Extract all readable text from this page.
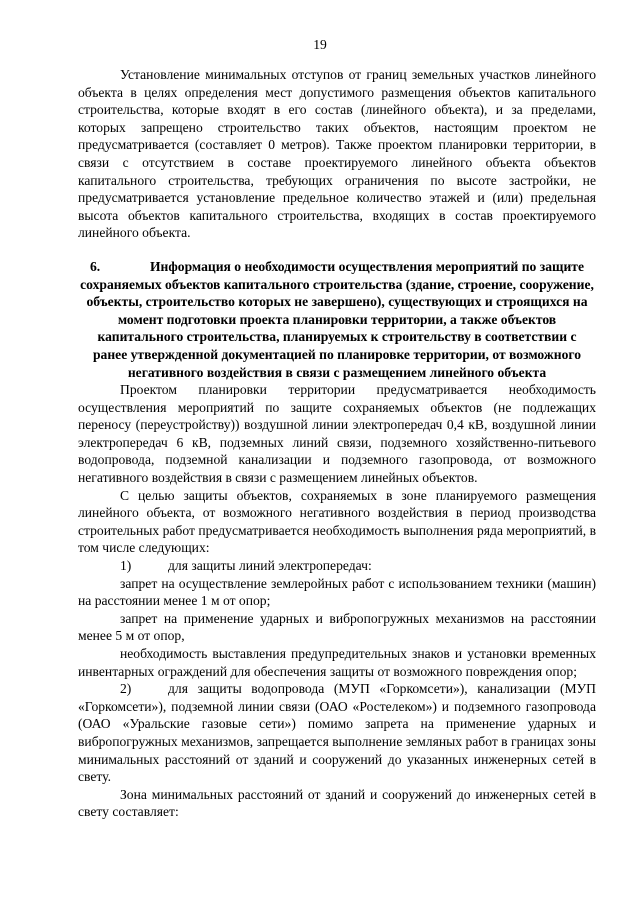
19

Установление минимальных отступов от границ земельных участков линейного объекта в целях определения мест допустимого размещения объектов капитального строительства, которые входят в его состав (линейного объекта), и за пределами, которых запрещено строительство таких объектов, настоящим проектом не предусматривается (составляет 0 метров). Также проектом планировки территории, в связи с отсутствием в составе проектируемого линейного объекта объектов капитального строительства, требующих ограничения по высоте застройки, не предусматривается установление предельное количество этажей и (или) предельная высота объектов капитального строительства, входящих в состав проектируемого линейного объекта.

6.	Информация о необходимости осуществления мероприятий по защите
сохраняемых объектов капитального строительства (здание, строение, сооружение, объекты, строительство которых не завершено), существующих и строящихся на момент подготовки проекта планировки территории, а также объектов капитального строительства, планируемых к строительству в соответствии с ранее утвержденной документацией по планировке территории, от возможного негативного воздействия в связи с размещением линейного объекта

Проектом планировки территории предусматривается необходимость осуществления мероприятий по защите сохраняемых объектов (не подлежащих переносу (переустройству)) воздушной линии электропередач 0,4 кВ, воздушной линии электропередач 6 кВ, подземных линий связи, подземного хозяйственно-питьевого водопровода, подземной канализации и подземного газопровода, от возможного негативного воздействия в связи с размещением линейных объектов.

С целью защиты объектов, сохраняемых в зоне планируемого размещения линейного объекта, от возможного негативного воздействия в период производства строительных работ предусматривается необходимость выполнения ряда мероприятий, в том числе следующих:

1)	для защиты линий электропередач:

запрет на осуществление землеройных работ с использованием техники (машин) на расстоянии менее 1 м от опор;

запрет на применение ударных и вибропогружных механизмов на расстоянии менее 5 м от опор,

необходимость выставления предупредительных знаков и установки временных инвентарных ограждений для обеспечения защиты от возможного повреждения опор;

2)	для защиты водопровода (МУП «Горкомсети»), канализации (МУП «Горкомсети»), подземной линии связи (ОАО «Ростелеком») и подземного газопровода (ОАО «Уральские газовые сети») помимо запрета на применение ударных и вибропогружных механизмов, запрещается выполнение земляных работ в границах зоны минимальных расстояний от зданий и сооружений до указанных инженерных сетей в свету.

Зона минимальных расстояний от зданий и сооружений до инженерных сетей в свету составляет:
